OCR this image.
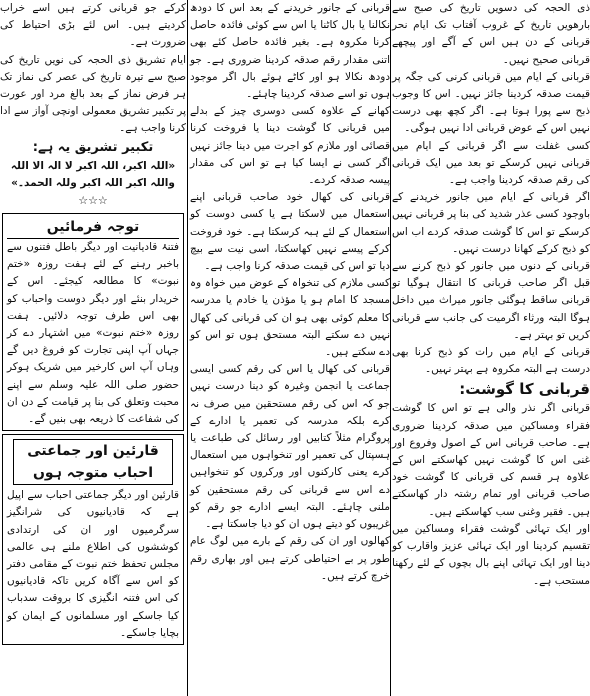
ذی الحجہ کی دسویں تاریخ کی صبح سے بارھویں تاریخ کے غروب آفتاب تک ایام نحر قربانی کے دن ہیں اس کے آگے اور پیچھے قربانی صحیح نہیں۔

قربانی کے ایام میں قربانی کرنی کی جگہ پر قیمت صدقہ کردینا جائز نہیں۔ اس کا وجوب ذبح سے پورا ہوتا ہے۔ اگر کچھ بھی درست نہیں اس کے عوض قربانی ادا نہیں ہوگی۔

کسی غفلت سے اگر قربانی کے ایام میں قربانی نہیں کرسکے تو بعد میں ایک قربانی کی رقم صدقہ کردینا واجب ہے۔

اگر قربانی کے ایام میں جانور خریدنے کے باوجود کسی عذر شدید کی بنا پر قربانی نہیں کرسکے تو اس کا گوشت صدقہ کردے اب اس کو ذبح کرکے کھانا درست نہیں۔

قربانی کے دنوں میں جانور کو ذبح کرنے سے قبل اگر صاحب قربانی کا انتقال ہوگیا تو قربانی ساقط ہوگئی جانور میراث میں داخل ہوگا البتہ ورثاء اگرمیت کی جانب سے قربانی کریں تو بہتر ہے۔

قربانی کے ایام میں رات کو ذبح کرنا بھی درست ہے البتہ مکروہ ہے بہتر نہیں۔

قربانی کا گوشت:

قربانی اگر نذر والی ہے تو اس کا گوشت فقراء ومساکین میں صدقہ کردینا ضروری ہے۔ صاحب قربانی اس کے اصول وفروع اور غنی اس کا گوشت نہیں کھاسکتے اس کے علاوہ ہر قسم کی قربانی کا گوشت خود صاحب قربانی اور تمام رشتہ دار کھاسکتے ہیں۔ فقیر وغنی سب کھاسکتے ہیں۔

اور ایک تہائی گوشت فقراء ومساکین میں تقسیم کردینا اور ایک تہائی عزیز واقارب کو دینا اور ایک تہائی اپنے بال بچوں کے لئے رکھنا مستحب ہے۔

قربانی کے جانور خریدنے کے بعد اس کا دودھ نکالنا یا بال کاٹنا یا اس سے کوئی فائدہ حاصل کرنا مکروہ ہے۔ بغیر فائدہ حاصل کئے بھی اتنی مقدار رقم صدقہ کردینا ضروری ہے۔ جو دودھ نکالا ہو اور کاٹے ہوئے بال اگر موجود ہوں تو اسے صدقہ کردینا چاہئے۔

کھانے کے علاوہ کسی دوسری چیز کے بدلے میں قربانی کا گوشت دینا یا فروخت کرنا قصائی اور ملازم کو اجرت میں دینا جائز نہیں اگر کسی نے ایسا کیا ہے تو اس کی مقدار پیسہ صدقہ کردے۔

قربانی کی کھال خود صاحب قربانی اپنے استعمال میں لاسکتا ہے یا کسی دوست کو استعمال کے لئے ہبہ کرسکتا ہے۔ خود فروخت کرکے پیسے نہیں کھاسکتا، اسی نیت سے بیچ دیا تو اس کی قیمت صدقہ کرنا واجب ہے۔

کسی ملازم کی تنخواہ کے عوض میں خواہ وہ مسجد کا امام ہو یا مؤذن یا خادم یا مدرسہ کا معلم کوئی بھی ہو ان کی قربانی کی کھال نہیں دے سکتے البتہ مستحق ہوں تو اس کو دے سکتے ہیں۔

قربانی کی کھال یا اس کی رقم کسی ایسی جماعت یا انجمن وغیرہ کو دینا درست نہیں جو کہ اس کی رقم مستحقین میں صرف نہ کرے بلکہ مدرسہ کی تعمیر یا ادارے کے پروگرام مثلاً کتابیں اور رسائل کی طباعت یا ہسپتال کی تعمیر اور تنخواہوں میں استعمال کرے یعنی کارکنوں اور ورکروں کو تنخواہیں دے اس سے قربانی کی رقم مستحقین کو ملنی چاہئے۔ البتہ ایسے ادارے جو رقم کو غریبوں کو دیتے ہوں ان کو دیا جاسکتا ہے۔

کھالوں اور ان کی رقم کے بارے میں لوگ عام طور پر بے احتیاطی کرتے ہیں اور بھاری رقم خرچ کرتے ہیں۔

کرکے جو قربانی کرتے ہیں اسے خراب کردیتے ہیں۔ اس لئے بڑی احتیاط کی ضرورت ہے۔

ایام تشریق ذی الحجہ کی نویں تاریخ کی صبح سے تیرہ تاریخ کی عصر کی نماز تک ہر فرض نماز کے بعد بالغ مرد اور عورت پر تکبیر تشریق معمولی اونچی آواز سے ادا کرنا واجب ہے۔

تکبیر تشریق یہ ہے:

«اللہ اکبر، اللہ اکبر لا الہ الا اللہ واللہ اکبر اللہ اکبر وللہ الحمد۔»

☆☆☆

توجہ فرمائیں

فتنۂ قادیانیت اور دیگر باطل فتنوں سے باخبر رہنے کے لئے ہفت روزہ «ختم نبوت» کا مطالعہ کیجئے۔ اس کے خریدار بنئے اور دیگر دوست واحباب کو بھی اس طرف توجہ دلائیں۔ ہفت روزہ «ختم نبوت» میں اشتہار دے کر جہاں آپ اپنی تجارت کو فروغ دیں گے وہاں آپ اس کارخیر میں شریک ہوکر حضور صلی اللہ علیہ وسلم سے اپنے محبت وتعلق کی بنا پر قیامت کے دن ان کی شفاعت کا ذریعہ بھی بنیں گے۔

قارئین اور جماعتی احباب متوجہ ہوں

قارئین اور دیگر جماعتی احباب سے اپیل ہے کہ قادیانیوں کی شرانگیز سرگرمیوں اور ان کی ارتدادی کوششوں کی اطلاع ملنے ہی عالمی مجلس تحفظ ختم نبوت کے مقامی دفتر کو اس سے آگاہ کریں تاکہ قادیانیوں کی اس فتنہ انگیزی کا بروقت سدباب کیا جاسکے اور مسلمانوں کے ایمان کو بچایا جاسکے۔
